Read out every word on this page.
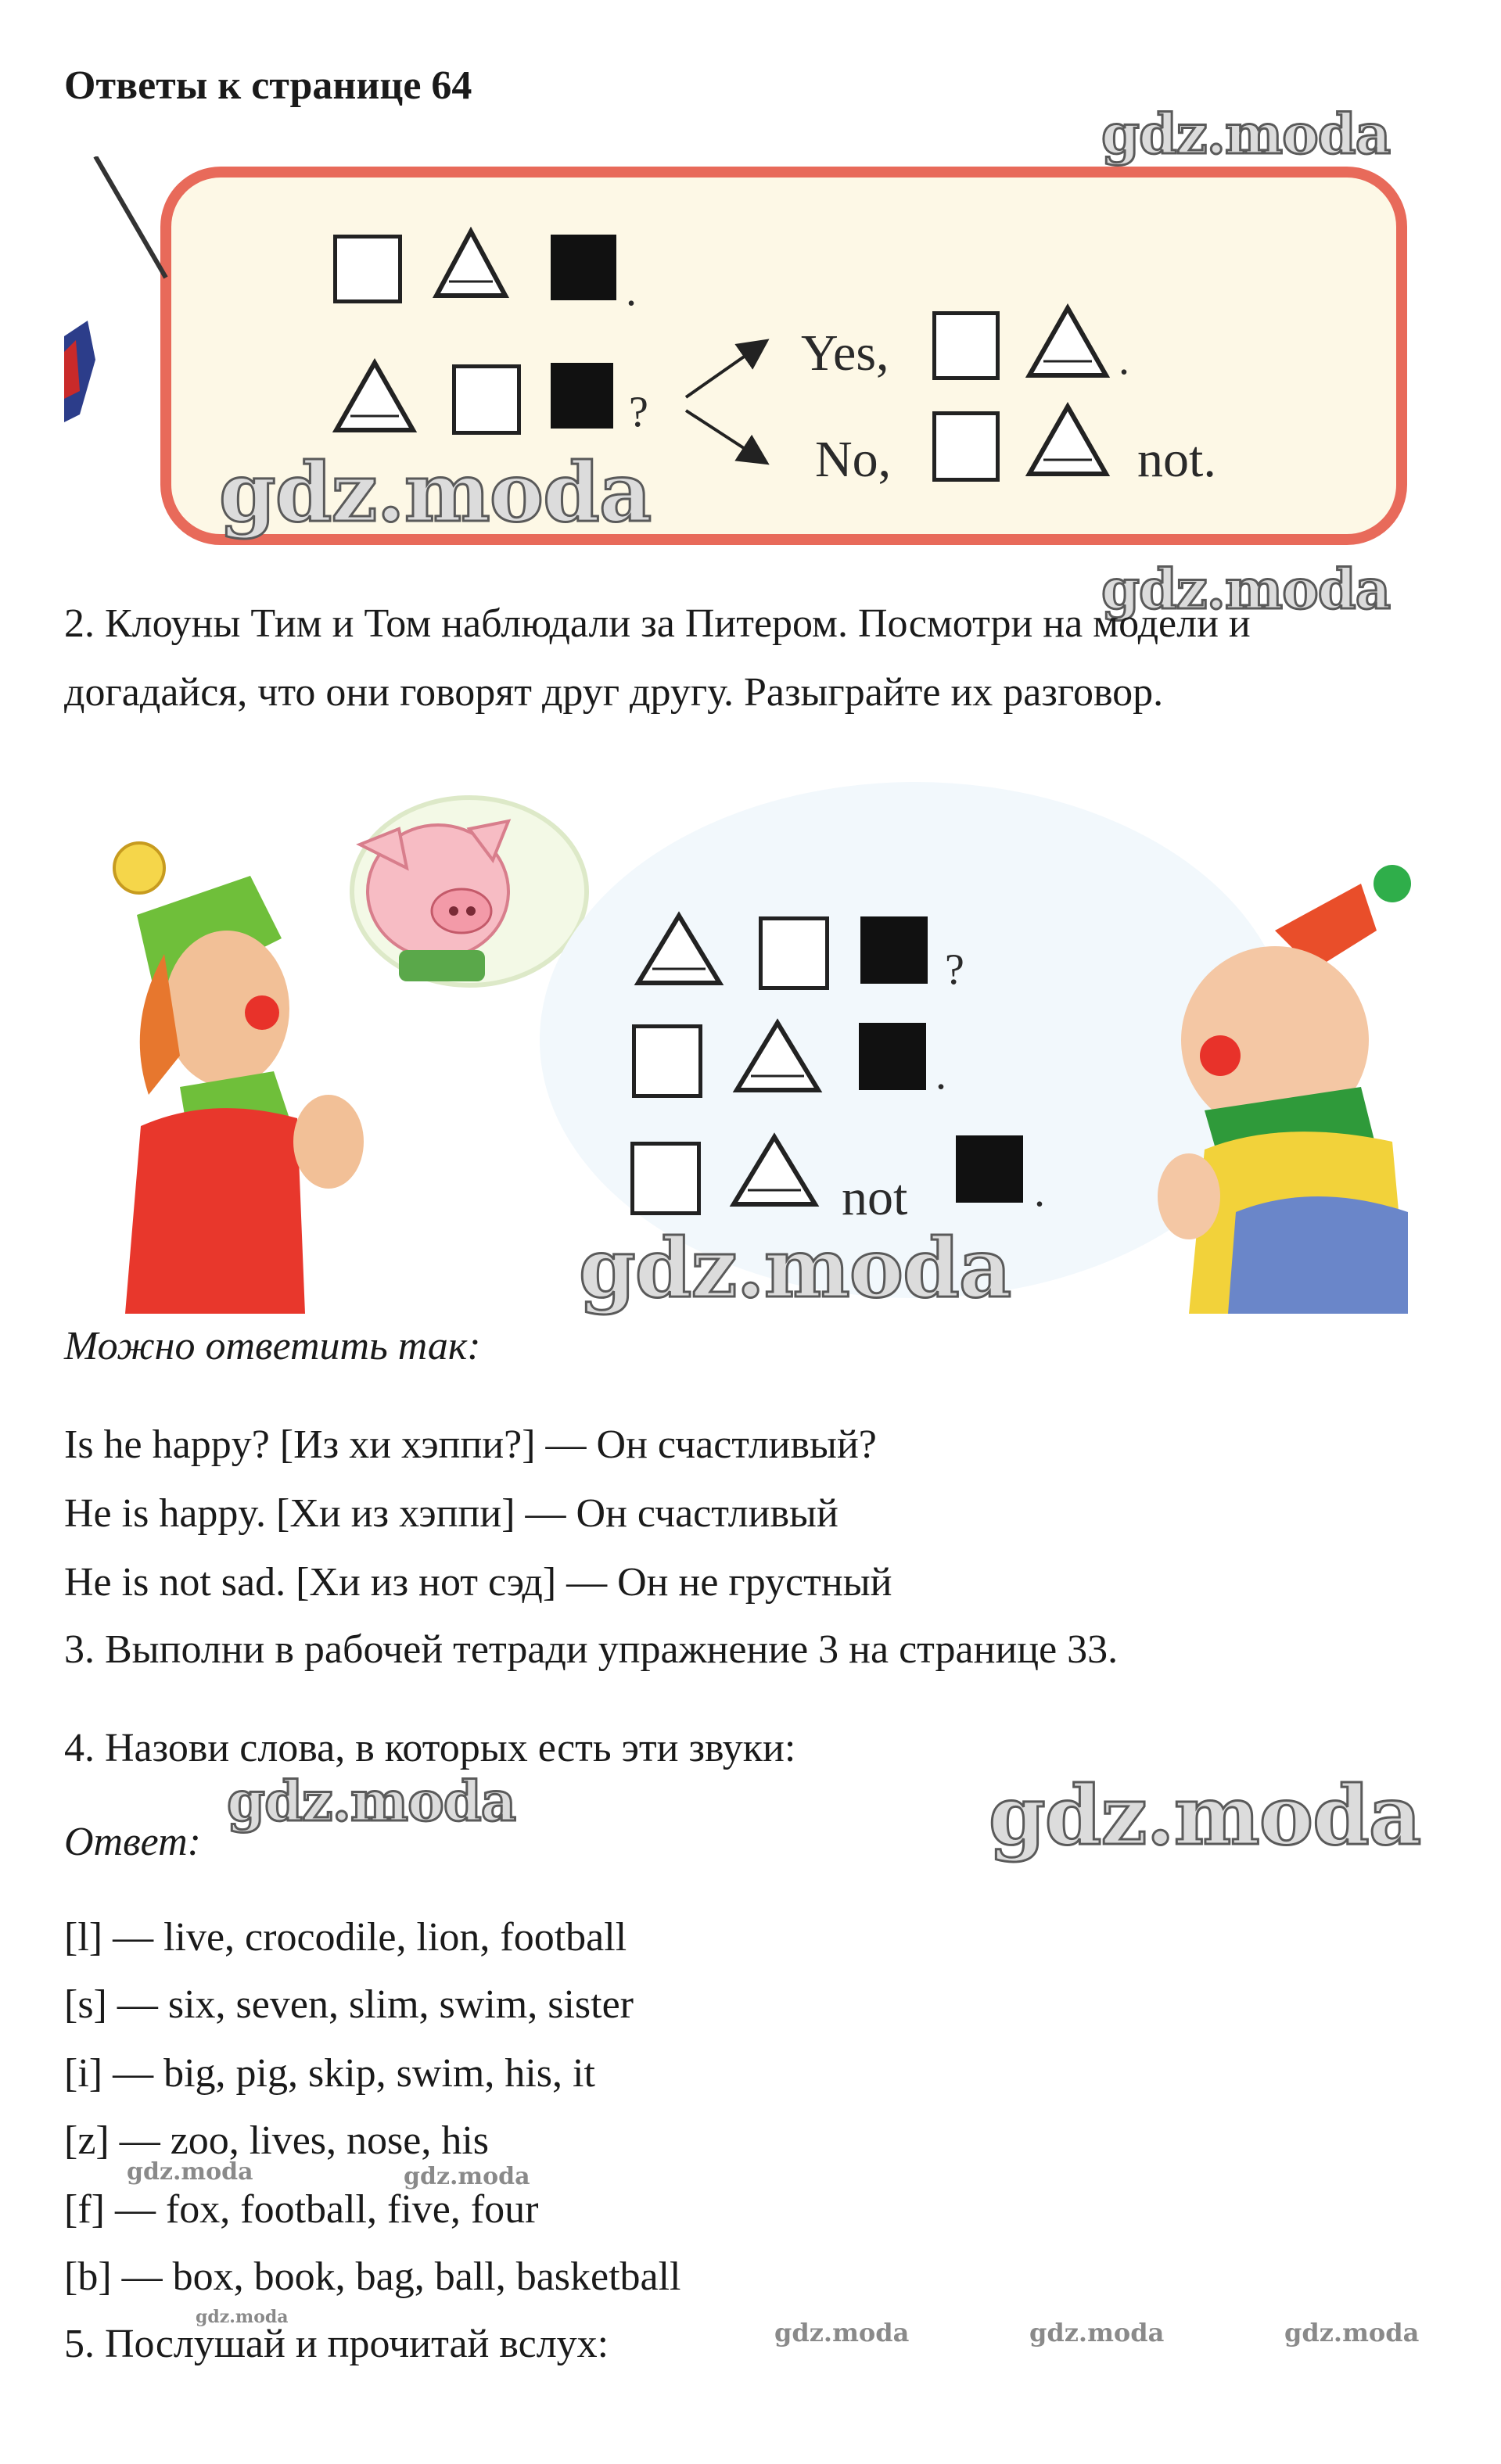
Ответы к странице 64
gdz.moda
.
?
Yes,	.
No,	not.
gdz.moda
gdz.moda
2. Клоуны Тим и Том наблюдали за Питером. Посмотри на модели и
догадайся, что они говорят друг другу. Разыграйте их разговор.
?
.
not	.
gdz.moda
Можно ответить так:
Is he happy? [Из хи хэппи?] — Он счастливый?
He is happy. [Хи из хэппи] — Он счастливый
He is not sad. [Хи из нот сэд] — Он не грустный
3. Выполни в рабочей тетради упражнение 3 на странице 33.
4. Назови слова, в которых есть эти звуки:
gdz.moda	gdz.moda
Ответ:
[l] — live, crocodile, lion, football
[s] — six, seven, slim, swim, sister
[i] — big, pig, skip, swim, his, it
[z] — zoo, lives, nose, his
gdz.moda	gdz.moda
[f] — fox, football, five, four
[b] — box, book, bag, ball, basketball
gdz.moda
5. Послушай и прочитай вслух:	gdz.moda	gdz.moda	gdz.moda
